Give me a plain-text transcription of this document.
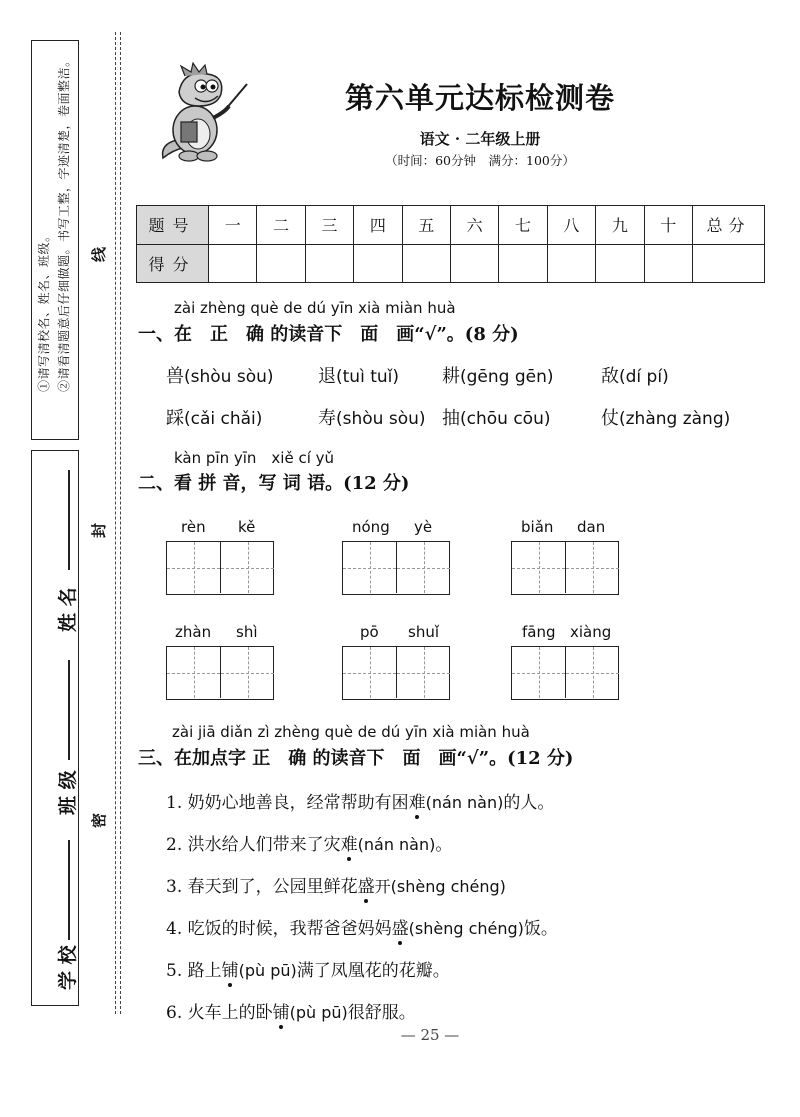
①请写清校名、姓名、班级。 ②请看清题意后仔细做题。书写工整，字迹清楚，卷面整洁。
学 校
班 级
姓 名
密
封
线
第六单元达标检测卷
语文 · 二年级上册
（时间：60分钟　满分：100分）
题号	一	二	三	四	五	六	七	八	九	十	总分
得分											
zài zhèng què de dú yīn xià miàn huà
一、在　正　确 的读音下　面　画“√”。(8 分)
兽(shòu sòu) 退(tuì tuǐ) 耕(gēng gēn)	敌(dí pí)
踩(cǎi chǎi)	寿(shòu sòu) 抽(chōu cōu)	仗(zhàng zàng)
kàn pīn yīn　xiě cí yǔ
二、看 拼 音，写 词 语。(12 分)
rèn kě	nóng yè	biǎn dan
zhàn shì	pō shuǐ	fāng xiàng
zài jiā diǎn zì zhèng què de dú yīn xià miàn huà
三、在加点字 正　确 的读音下　面　画“√”。(12 分)
1. 奶奶心地善良，经常帮助有困难(nán nàn)的人。
2. 洪水给人们带来了灾难(nán nàn)。
3. 春天到了，公园里鲜花盛开(shèng chéng)
4. 吃饭的时候，我帮爸爸妈妈盛(shèng chéng)饭。
5. 路上铺(pù pū)满了凤凰花的花瓣。
6. 火车上的卧铺(pù pū)很舒服。
— 25 —
